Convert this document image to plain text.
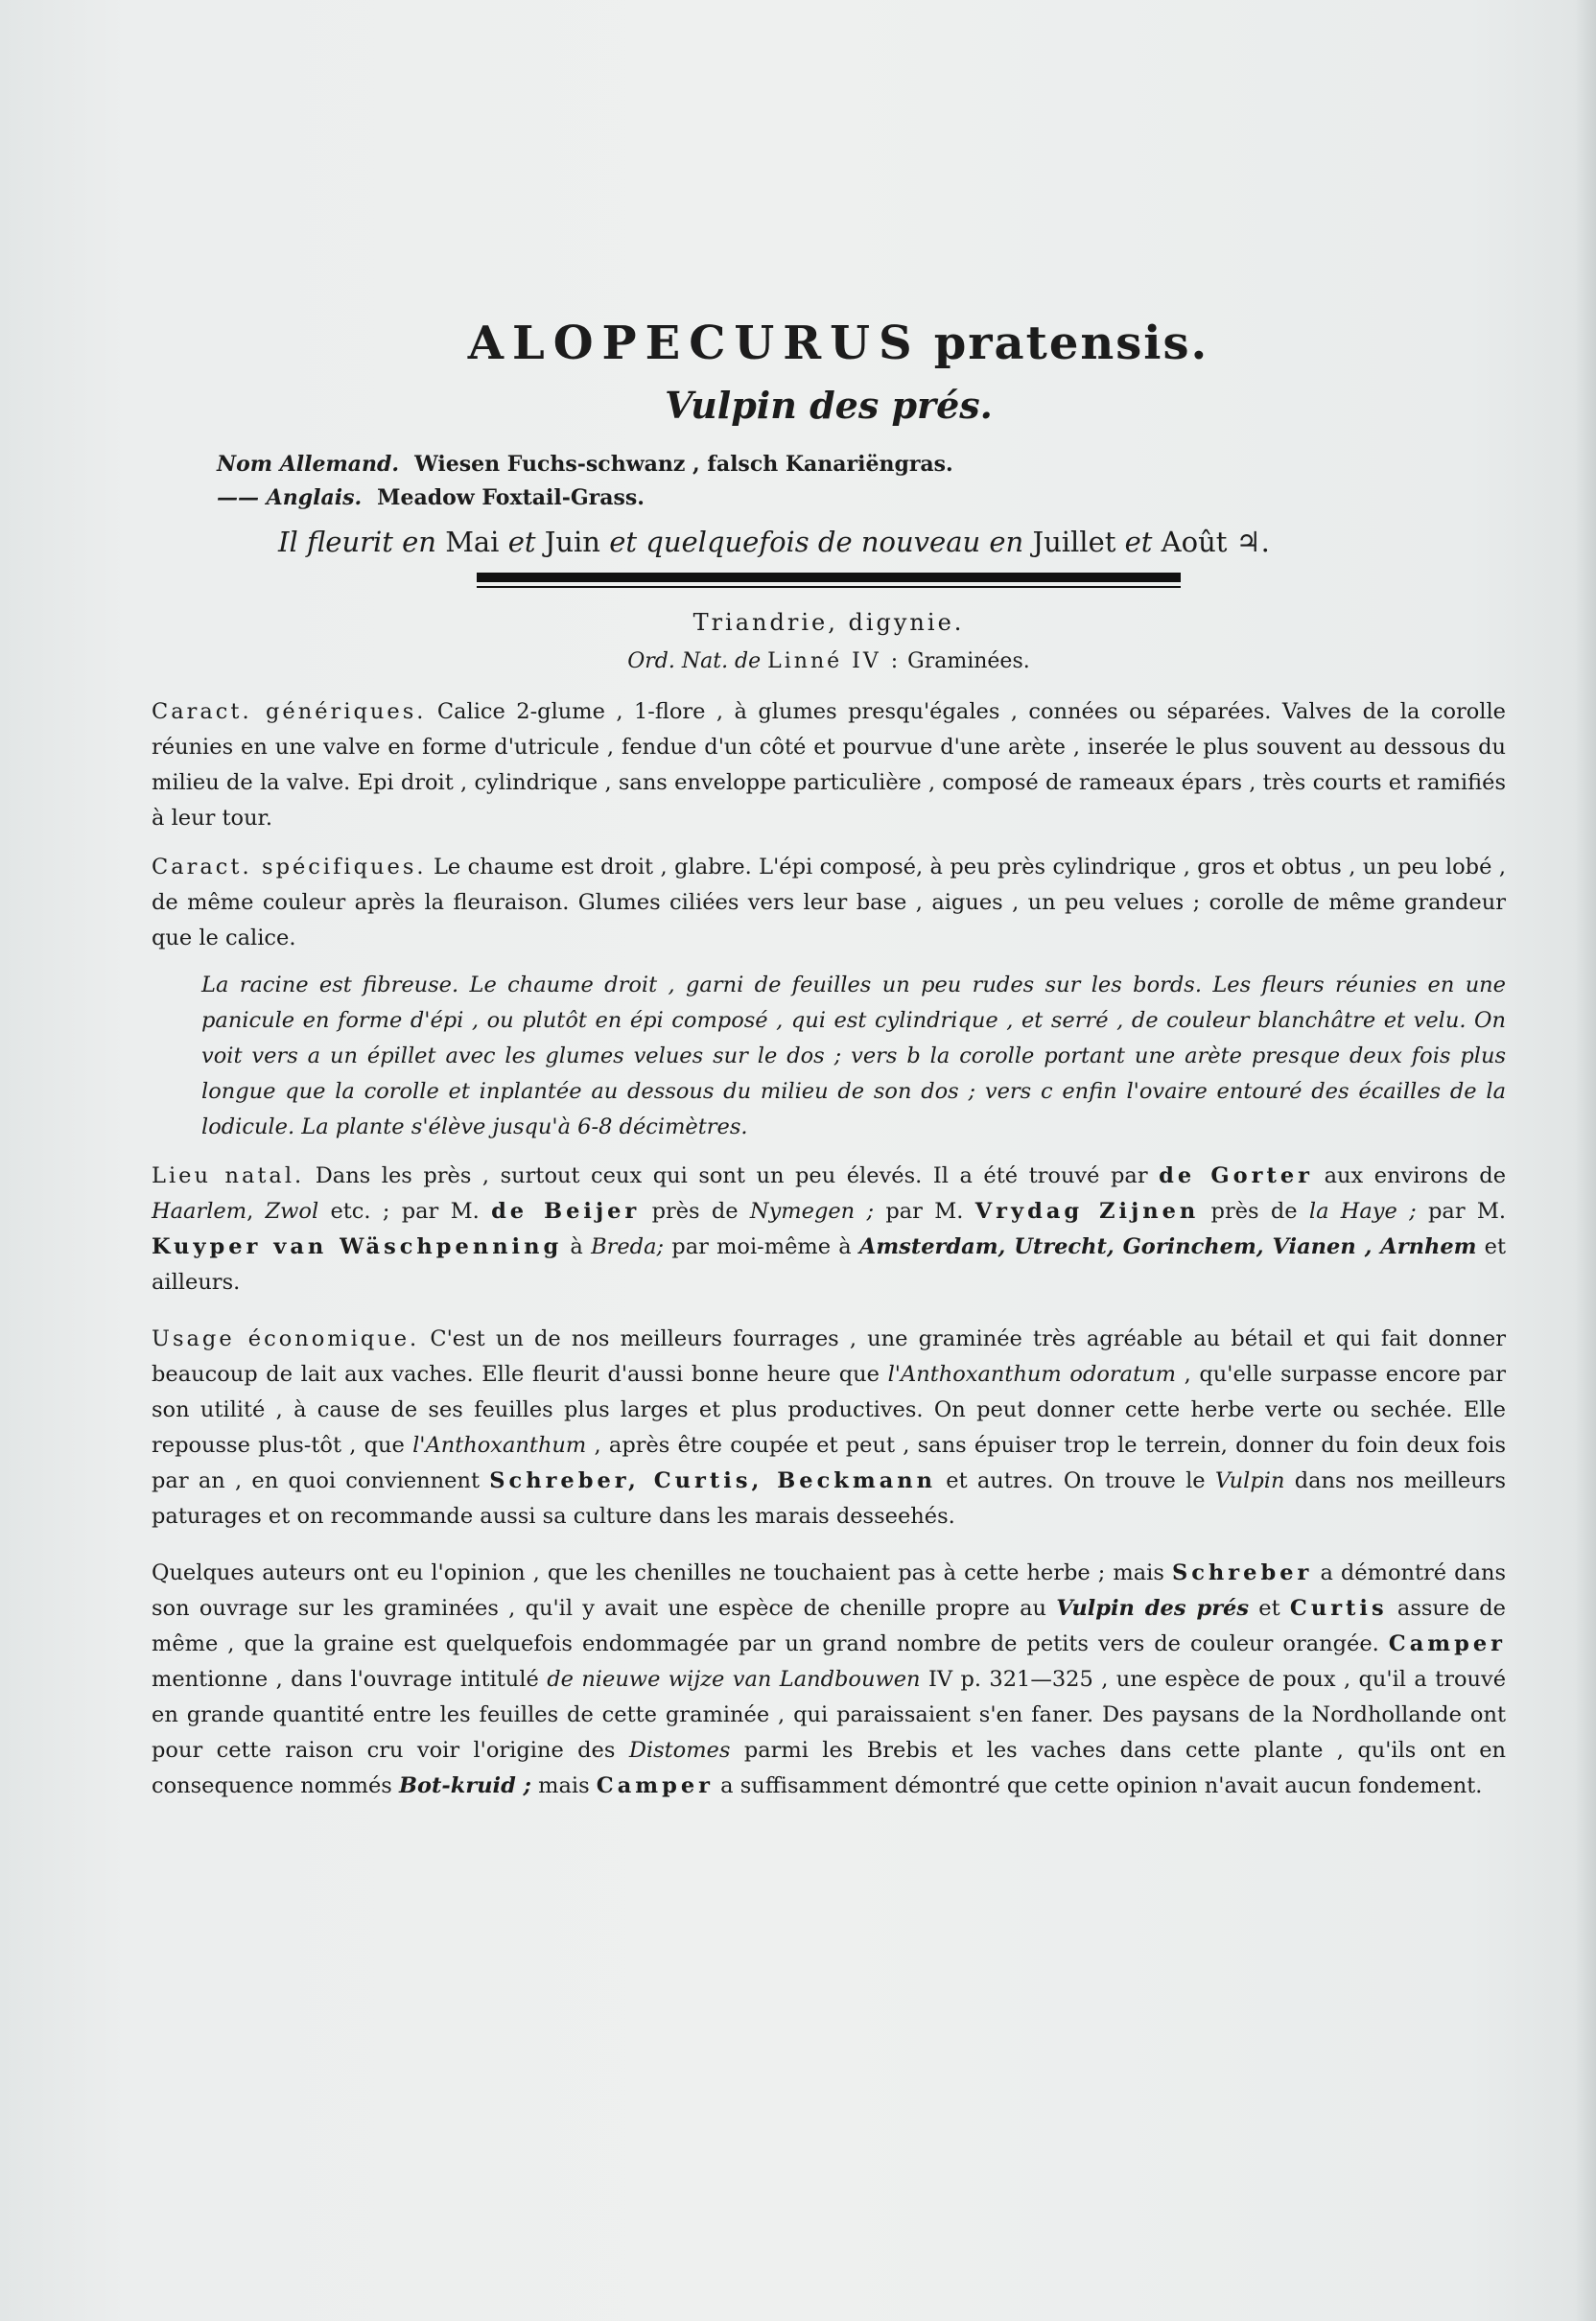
ALOPECURUS pratensis.
Vulpin des prés.
Nom Allemand. Wiesen Fuchs-schwanz , falsch Kanariëngras.
—— Anglais. Meadow Foxtail-Grass.
Il fleurit en Mai et Juin et quelquefois de nouveau en Juillet et Août ♃.
Triandrie, digynie.
Ord. Nat. de Linné IV : Graminées.

Caract. génériques. Calice 2-glume , 1-flore , à glumes presqu'égales , connées ou séparées. Valves de la corolle réunies en une valve en forme d'utricule , fendue d'un côté et pourvue d'une arète , inserée le plus souvent au dessous du milieu de la valve. Epi droit , cylindrique , sans enveloppe particulière , composé de rameaux épars , très courts et ramifiés à leur tour.

Caract. spécifiques. Le chaume est droit , glabre. L'épi composé, à peu près cylindrique , gros et obtus , un peu lobé , de même couleur après la fleuraison. Glumes ciliées vers leur base , aigues , un peu velues ; corolle de même grandeur que le calice.

La racine est fibreuse. Le chaume droit , garni de feuilles un peu rudes sur les bords. Les fleurs réunies en une panicule en forme d'épi , ou plutôt en épi composé , qui est cylindrique , et serré , de couleur blanchâtre et velu. On voit vers a un épillet avec les glumes velues sur le dos ; vers b la corolle portant une arète presque deux fois plus longue que la corolle et inplantée au dessous du milieu de son dos ; vers c enfin l'ovaire entouré des écailles de la lodicule. La plante s'élève jusqu'à 6-8 décimètres.

Lieu natal. Dans les près , surtout ceux qui sont un peu élevés. Il a été trouvé par de Gorter aux environs de Haarlem, Zwol etc. ; par M. de Beijer près de Nymegen ; par M. Vrydag Zijnen près de la Haye ; par M. Kuyper van Wäschpenning à Breda; par moi-même à Amsterdam, Utrecht, Gorinchem, Vianen , Arnhem et ailleurs.

Usage économique. C'est un de nos meilleurs fourrages , une graminée très agréable au bétail et qui fait donner beaucoup de lait aux vaches. Elle fleurit d'aussi bonne heure que l'Anthoxanthum odoratum , qu'elle surpasse encore par son utilité , à cause de ses feuilles plus larges et plus productives. On peut donner cette herbe verte ou sechée. Elle repousse plus-tôt , que l'Anthoxanthum , après être coupée et peut , sans épuiser trop le terrein, donner du foin deux fois par an , en quoi conviennent Schreber, Curtis, Beckmann et autres. On trouve le Vulpin dans nos meilleurs paturages et on recommande aussi sa culture dans les marais desseehés.

Quelques auteurs ont eu l'opinion , que les chenilles ne touchaient pas à cette herbe ; mais Schreber a démontré dans son ouvrage sur les graminées , qu'il y avait une espèce de chenille propre au Vulpin des prés et Curtis assure de même , que la graine est quelquefois endommagée par un grand nombre de petits vers de couleur orangée. Camper mentionne , dans l'ouvrage intitulé de nieuwe wijze van Landbouwen IV p. 321—325 , une espèce de poux , qu'il a trouvé en grande quantité entre les feuilles de cette graminée , qui paraissaient s'en faner. Des paysans de la Nordhollande ont pour cette raison cru voir l'origine des Distomes parmi les Brebis et les vaches dans cette plante , qu'ils ont en consequence nommés Bot-kruid ; mais Camper a suffisamment démontré que cette opinion n'avait aucun fondement.
